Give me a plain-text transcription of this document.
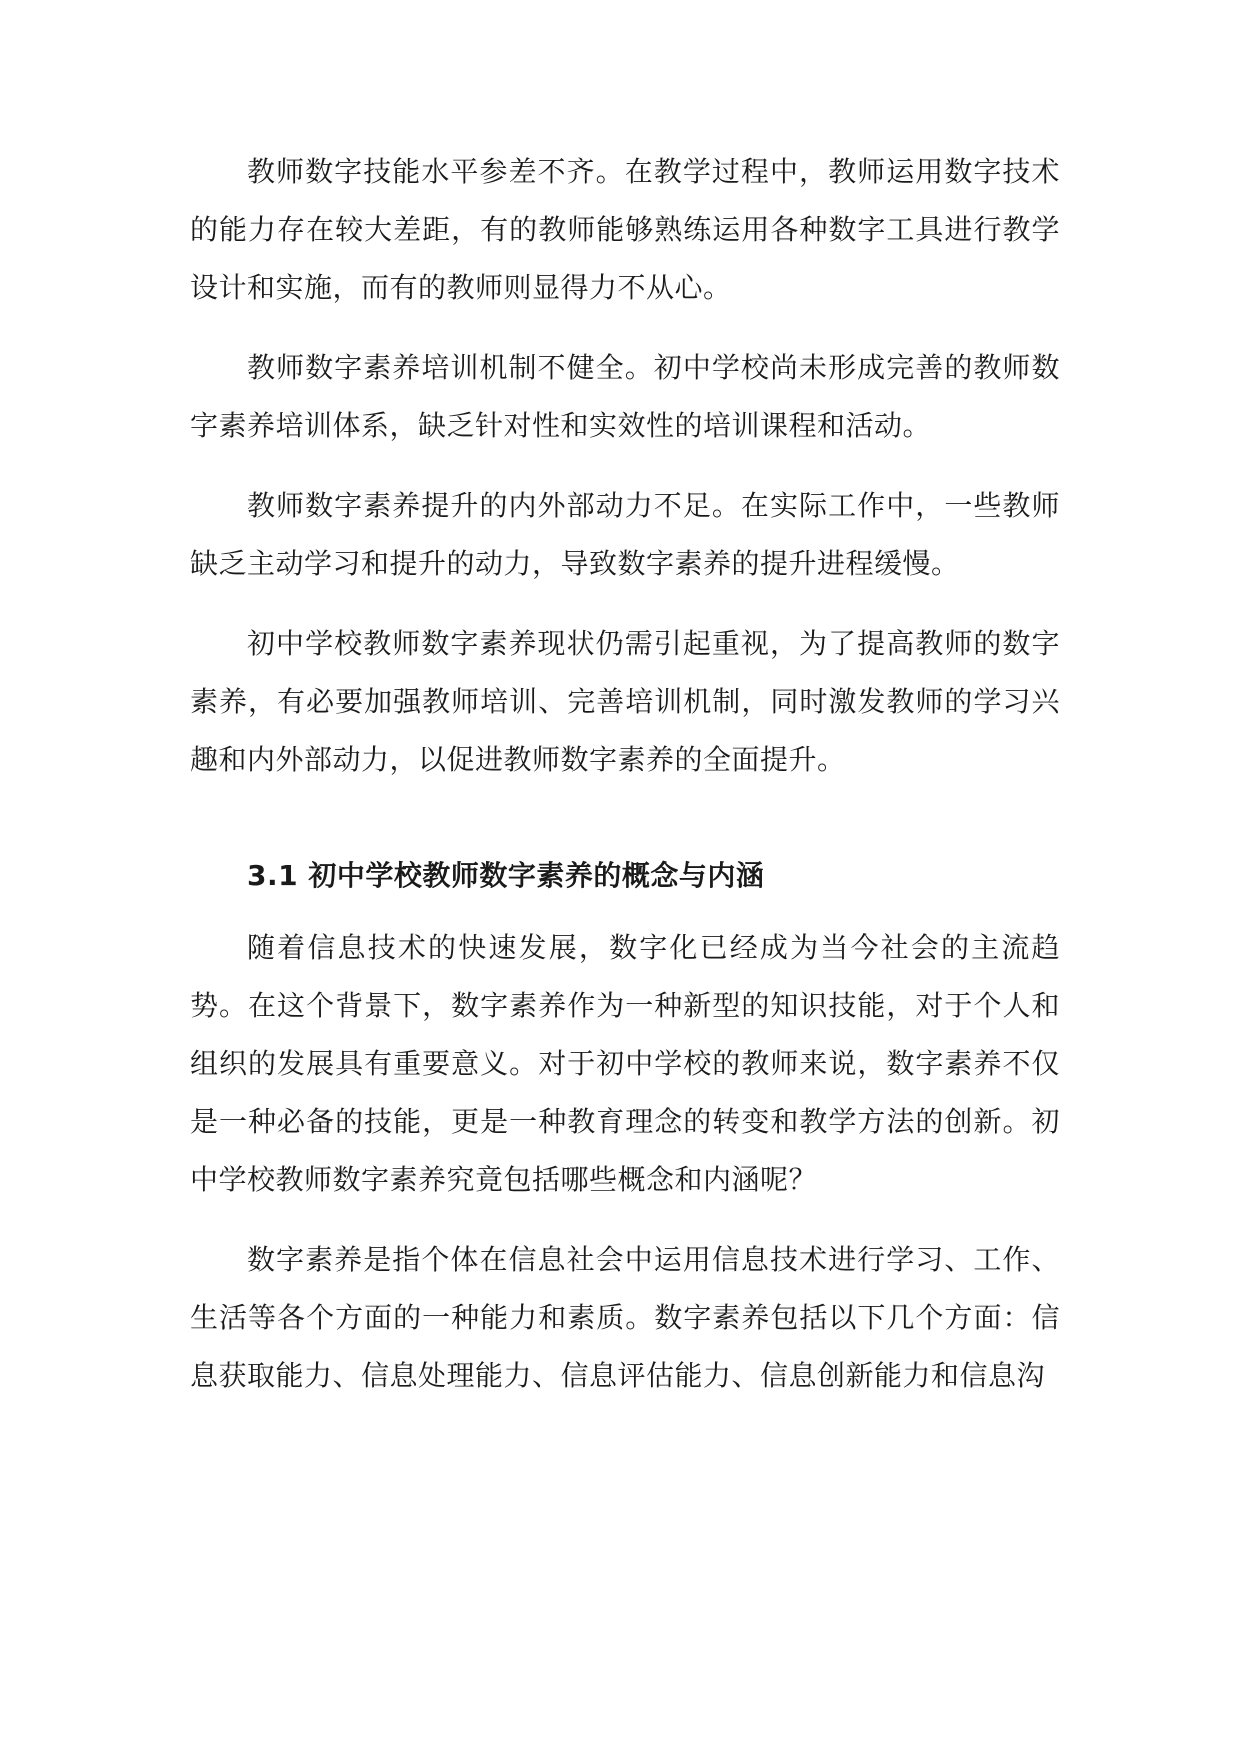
教师数字技能水平参差不齐。在教学过程中，教师运用数字技术的能力存在较大差距，有的教师能够熟练运用各种数字工具进行教学设计和实施，而有的教师则显得力不从心。

教师数字素养培训机制不健全。初中学校尚未形成完善的教师数字素养培训体系，缺乏针对性和实效性的培训课程和活动。

教师数字素养提升的内外部动力不足。在实际工作中，一些教师缺乏主动学习和提升的动力，导致数字素养的提升进程缓慢。

初中学校教师数字素养现状仍需引起重视，为了提高教师的数字素养，有必要加强教师培训、完善培训机制，同时激发教师的学习兴趣和内外部动力，以促进教师数字素养的全面提升。

3.1 初中学校教师数字素养的概念与内涵

随着信息技术的快速发展，数字化已经成为当今社会的主流趋势。在这个背景下，数字素养作为一种新型的知识技能，对于个人和组织的发展具有重要意义。对于初中学校的教师来说，数字素养不仅是一种必备的技能，更是一种教育理念的转变和教学方法的创新。初中学校教师数字素养究竟包括哪些概念和内涵呢？

数字素养是指个体在信息社会中运用信息技术进行学习、工作、生活等各个方面的一种能力和素质。数字素养包括以下几个方面：信息获取能力、信息处理能力、信息评估能力、信息创新能力和信息沟
